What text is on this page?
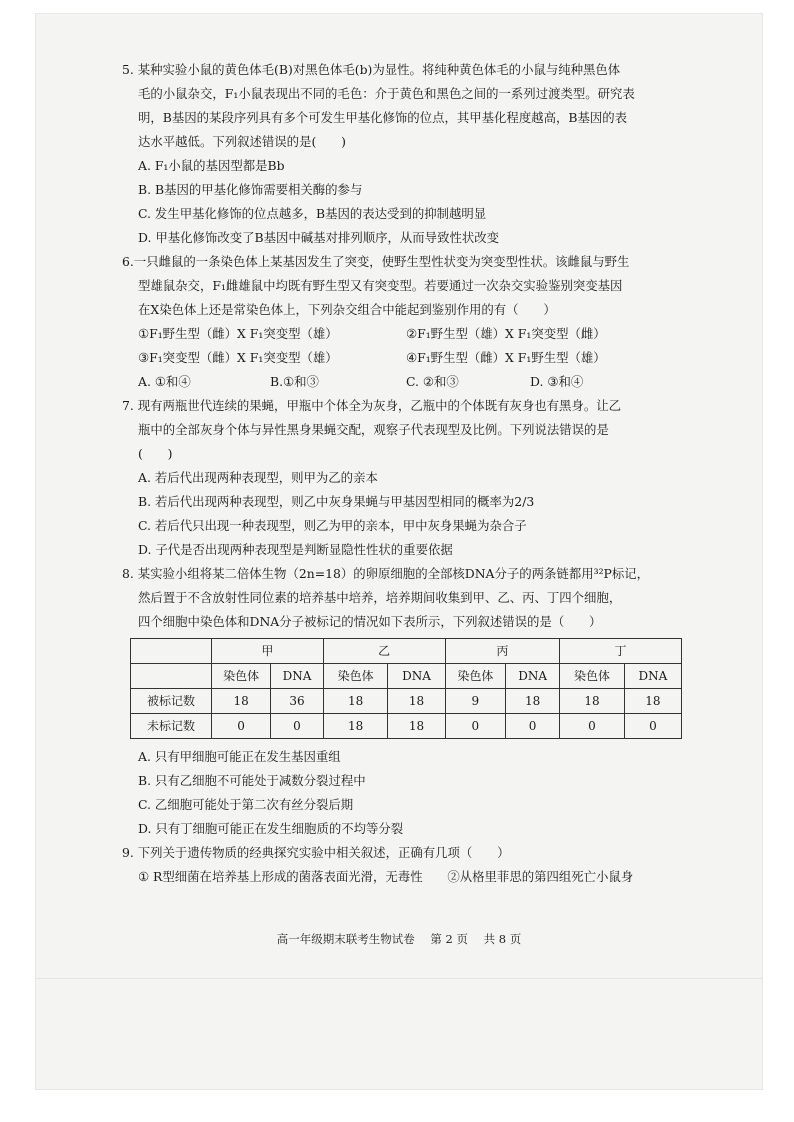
5. 某种实验小鼠的黄色体毛(B)对黑色体毛(b)为显性。将纯种黄色体毛的小鼠与纯种黑色体

毛的小鼠杂交，F₁小鼠表现出不同的毛色：介于黄色和黑色之间的一系列过渡类型。研究表

明，B基因的某段序列具有多个可发生甲基化修饰的位点，其甲基化程度越高，B基因的表

达水平越低。下列叙述错误的是(　　)

A. F₁小鼠的基因型都是Bb

B. B基因的甲基化修饰需要相关酶的参与

C. 发生甲基化修饰的位点越多，B基因的表达受到的抑制越明显

D. 甲基化修饰改变了B基因中碱基对排列顺序，从而导致性状改变

6.一只雌鼠的一条染色体上某基因发生了突变，使野生型性状变为突变型性状。该雌鼠与野生

型雄鼠杂交，F₁雌雄鼠中均既有野生型又有突变型。若要通过一次杂交实验鉴别突变基因

在X染色体上还是常染色体上，下列杂交组合中能起到鉴别作用的有（　　）

①F₁野生型（雌）X F₁突变型（雄）	②F₁野生型（雄）X F₁突变型（雌）
③F₁突变型（雌）X F₁突变型（雄）	④F₁野生型（雌）X F₁野生型（雄）
A. ①和④	B.①和③	C. ②和③	D. ③和④

7. 现有两瓶世代连续的果蝇，甲瓶中个体全为灰身，乙瓶中的个体既有灰身也有黑身。让乙

瓶中的全部灰身个体与异性黑身果蝇交配，观察子代表现型及比例。下列说法错误的是

(　　)

A. 若后代出现两种表现型，则甲为乙的亲本

B. 若后代出现两种表现型，则乙中灰身果蝇与甲基因型相同的概率为2/3

C. 若后代只出现一种表现型，则乙为甲的亲本，甲中灰身果蝇为杂合子

D. 子代是否出现两种表现型是判断显隐性性状的重要依据

8. 某实验小组将某二倍体生物（2n=18）的卵原细胞的全部核DNA分子的两条链都用³²P标记，

然后置于不含放射性同位素的培养基中培养，培养期间收集到甲、乙、丙、丁四个细胞，

四个细胞中染色体和DNA分子被标记的情况如下表所示，下列叙述错误的是（　　）

	甲		乙		丙		丁	
	染色体	DNA	染色体	DNA	染色体	DNA	染色体	DNA
被标记数	18	36	18	18	9	18	18	18
未标记数	0	0	18	18	0	0	0	0

A. 只有甲细胞可能正在发生基因重组

B. 只有乙细胞不可能处于减数分裂过程中

C. 乙细胞可能处于第二次有丝分裂后期

D. 只有丁细胞可能正在发生细胞质的不均等分裂

9. 下列关于遗传物质的经典探究实验中相关叙述，正确有几项（　　）

① R型细菌在培养基上形成的菌落表面光滑，无毒性　　②从格里菲思的第四组死亡小鼠身

高一年级期末联考生物试卷 第 2 页 共 8 页
